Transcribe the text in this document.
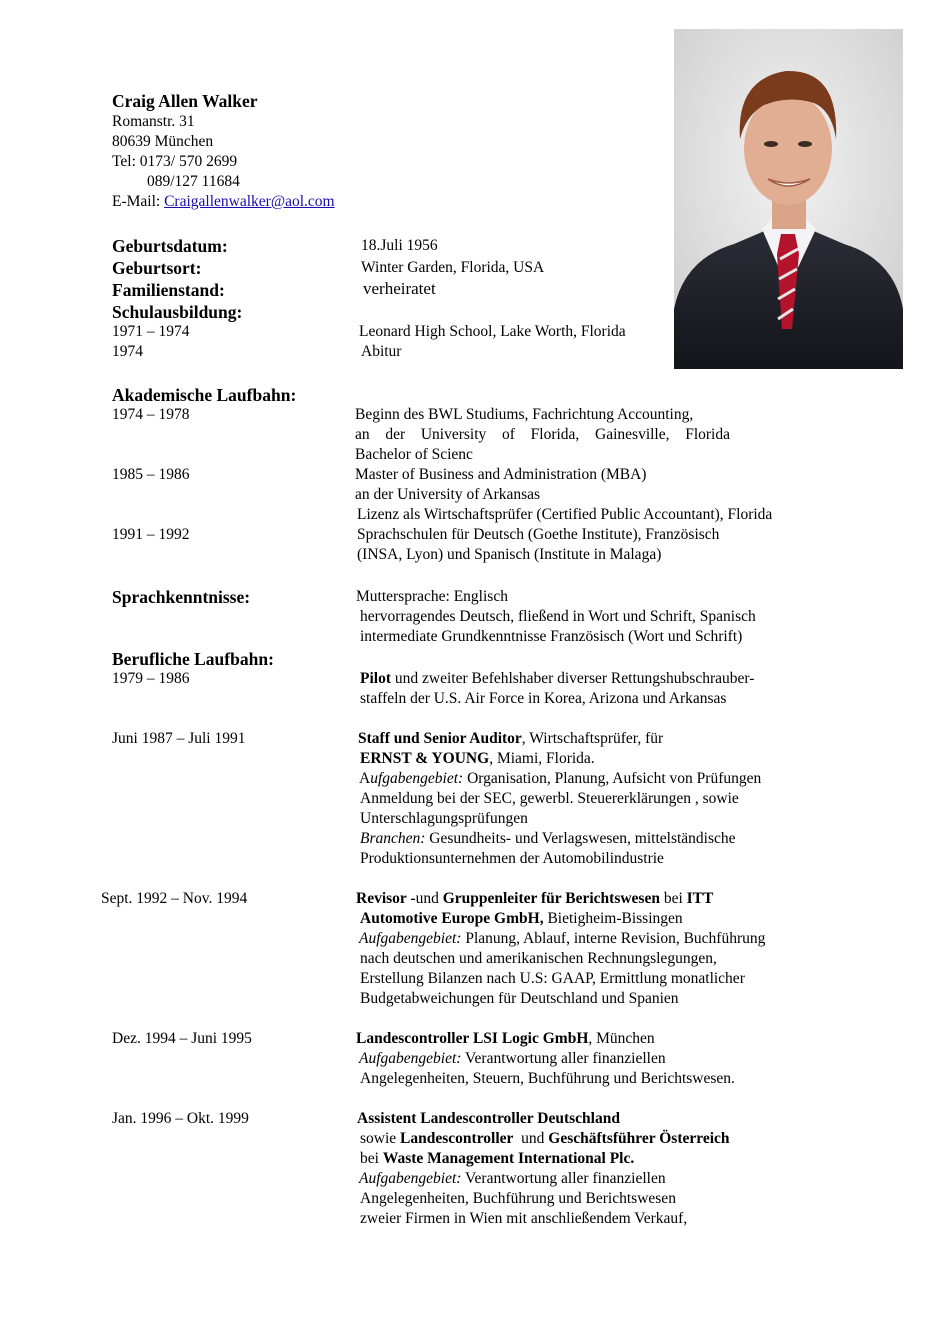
Craig Allen Walker
Romanstr. 31
80639 München
Tel: 0173/ 570 2699
089/127 11684
E-Mail: Craigallenwalker@aol.com
Geburtsdatum:	18.Juli 1956
Geburtsort:	Winter Garden, Florida, USA
Familienstand:	verheiratet
Schulausbildung:
1971 – 1974	Leonard High School, Lake Worth, Florida
1974	Abitur
Akademische Laufbahn:
1974 – 1978	Beginn des BWL Studiums, Fachrichtung Accounting,
an der University of Florida, Gainesville, Florida
Bachelor of Scienc
1985 – 1986	Master of Business and Administration (MBA)
an der University of Arkansas
Lizenz als Wirtschaftsprüfer (Certified Public Accountant), Florida
1991 – 1992	Sprachschulen für Deutsch (Goethe Institute), Französisch
(INSA, Lyon) und Spanisch (Institute in Malaga)
Sprachkenntnisse:	Muttersprache: Englisch
hervorragendes Deutsch, fließend in Wort und Schrift, Spanisch
intermediate Grundkenntnisse Französisch (Wort und Schrift)
Berufliche Laufbahn:
1979 – 1986	Pilot und zweiter Befehlshaber diverser Rettungshubschrauber-
staffeln der U.S. Air Force in Korea, Arizona und Arkansas
Juni 1987 – Juli 1991	Staff und Senior Auditor, Wirtschaftsprüfer, für
ERNST & YOUNG, Miami, Florida.
Aufgabengebiet: Organisation, Planung, Aufsicht von Prüfungen
Anmeldung bei der SEC, gewerbl. Steuererklärungen , sowie
Unterschlagungsprüfungen
Branchen: Gesundheits- und Verlagswesen, mittelständische
Produktionsunternehmen der Automobilindustrie
Sept. 1992 – Nov. 1994	Revisor -und Gruppenleiter für Berichtswesen bei ITT
Automotive Europe GmbH, Bietigheim-Bissingen
Aufgabengebiet: Planung, Ablauf, interne Revision, Buchführung
nach deutschen und amerikanischen Rechnungslegungen,
Erstellung Bilanzen nach U.S: GAAP, Ermittlung monatlicher
Budgetabweichungen für Deutschland und Spanien
Dez. 1994 – Juni 1995	Landescontroller LSI Logic GmbH, München
Aufgabengebiet: Verantwortung aller finanziellen
Angelegenheiten, Steuern, Buchführung und Berichtswesen.
Jan. 1996 – Okt. 1999	Assistent Landescontroller Deutschland
sowie Landescontroller  und Geschäftsführer Österreich
bei Waste Management International Plc.
Aufgabengebiet: Verantwortung aller finanziellen
Angelegenheiten, Buchführung und Berichtswesen
zweier Firmen in Wien mit anschließendem Verkauf,
